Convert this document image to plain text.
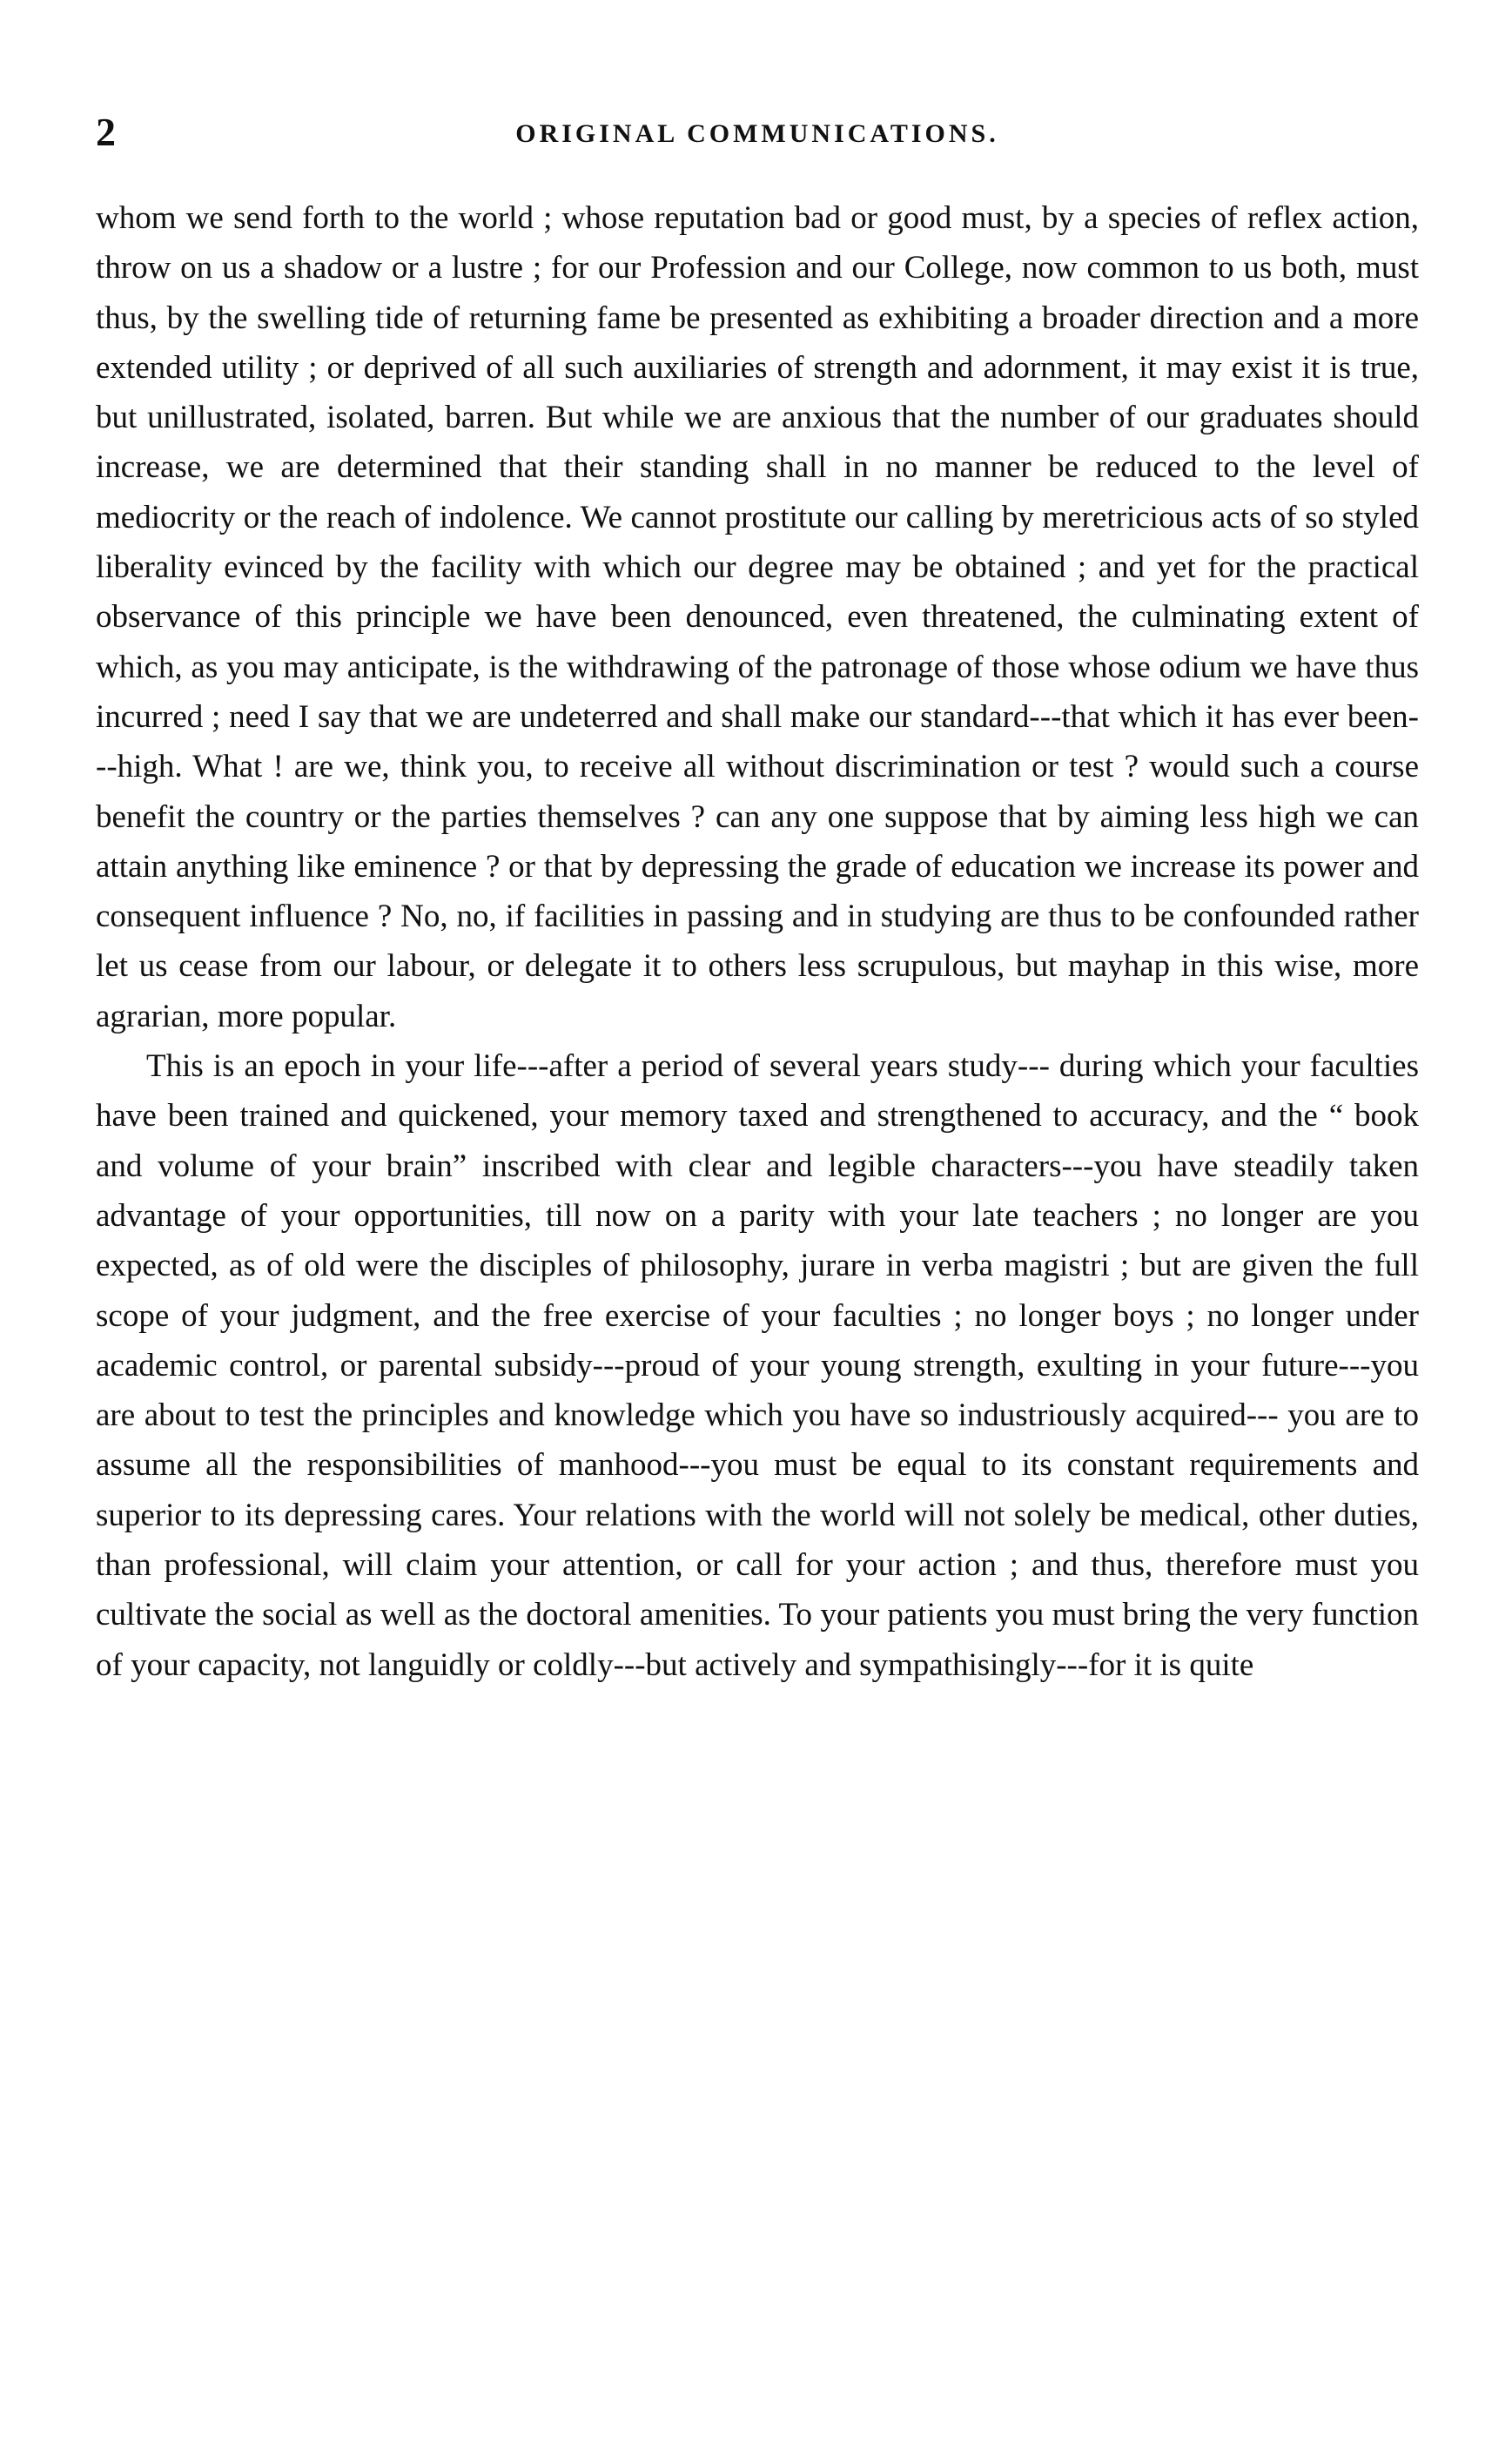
2	ORIGINAL COMMUNICATIONS.

whom we send forth to the world ; whose reputation bad or good must, by a species of reflex action, throw on us a shadow or a lustre ; for our Profession and our College, now common to us both, must thus, by the swelling tide of returning fame be presented as exhibiting a broader direction and a more extended utility ; or deprived of all such auxiliaries of strength and adornment, it may exist it is true, but unillustrated, isolated, barren. But while we are anxious that the number of our graduates should increase, we are determined that their standing shall in no manner be reduced to the level of mediocrity or the reach of indolence. We cannot prostitute our calling by meretricious acts of so styled liberality evinced by the facility with which our degree may be obtained ; and yet for the practical observance of this principle we have been denounced, even threatened, the culminating extent of which, as you may anticipate, is the withdrawing of the patronage of those whose odium we have thus incurred ; need I say that we are undeterred and shall make our standard---that which it has ever been---high. What ! are we, think you, to receive all without discrimination or test ? would such a course benefit the country or the parties themselves ? can any one suppose that by aiming less high we can attain anything like eminence ? or that by depressing the grade of education we increase its power and consequent influence ? No, no, if facilities in passing and in studying are thus to be confounded rather let us cease from our labour, or delegate it to others less scrupulous, but mayhap in this wise, more agrarian, more popular.

This is an epoch in your life---after a period of several years study--- during which your faculties have been trained and quickened, your memory taxed and strengthened to accuracy, and the “ book and volume of your brain” inscribed with clear and legible characters---you have steadily taken advantage of your opportunities, till now on a parity with your late teachers ; no longer are you expected, as of old were the disciples of philosophy, jurare in verba magistri ; but are given the full scope of your judgment, and the free exercise of your faculties ; no longer boys ; no longer under academic control, or parental subsidy---proud of your young strength, exulting in your future---you are about to test the principles and knowledge which you have so industriously acquired--- you are to assume all the responsibilities of manhood---you must be equal to its constant requirements and superior to its depressing cares. Your relations with the world will not solely be medical, other duties, than professional, will claim your attention, or call for your action ; and thus, therefore must you cultivate the social as well as the doctoral amenities. To your patients you must bring the very function of your capacity, not languidly or coldly---but actively and sympathisingly---for it is quite
